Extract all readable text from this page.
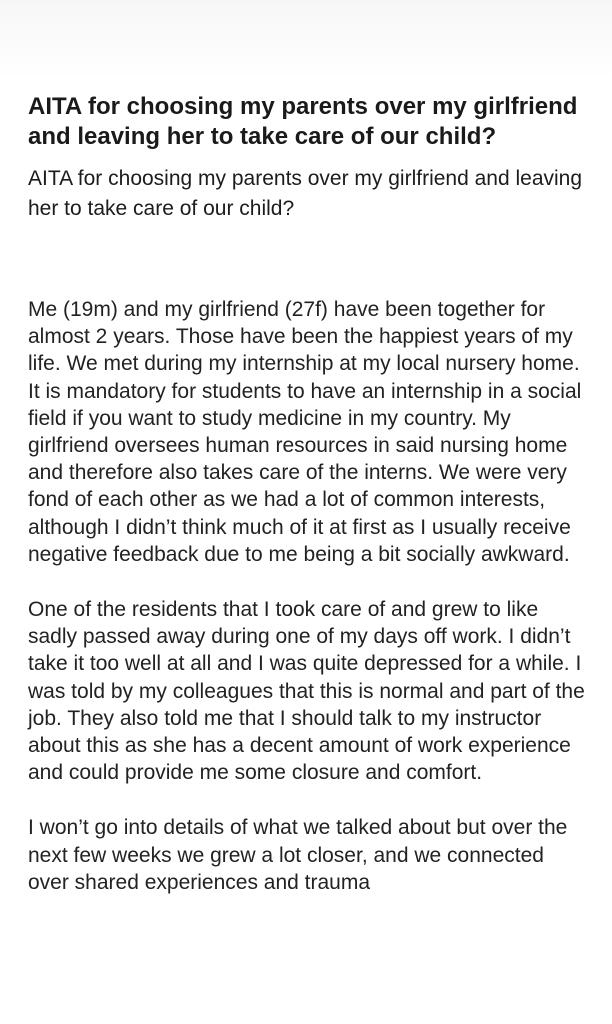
AITA for choosing my parents over my girlfriend and leaving her to take care of our child?
AITA for choosing my parents over my girlfriend and leaving her to take care of our child?

Me (19m) and my girlfriend (27f) have been together for almost 2 years. Those have been the happiest years of my life. We met during my internship at my local nursery home. It is mandatory for students to have an internship in a social field if you want to study medicine in my country. My girlfriend oversees human resources in said nursing home and therefore also takes care of the interns. We were very fond of each other as we had a lot of common interests, although I didn’t think much of it at first as I usually receive negative feedback due to me being a bit socially awkward.

One of the residents that I took care of and grew to like sadly passed away during one of my days off work. I didn’t take it too well at all and I was quite depressed for a while. I was told by my colleagues that this is normal and part of the job. They also told me that I should talk to my instructor about this as she has a decent amount of work experience and could provide me some closure and comfort.

I won’t go into details of what we talked about but over the next few weeks we grew a lot closer, and we connected over shared experiences and trauma
